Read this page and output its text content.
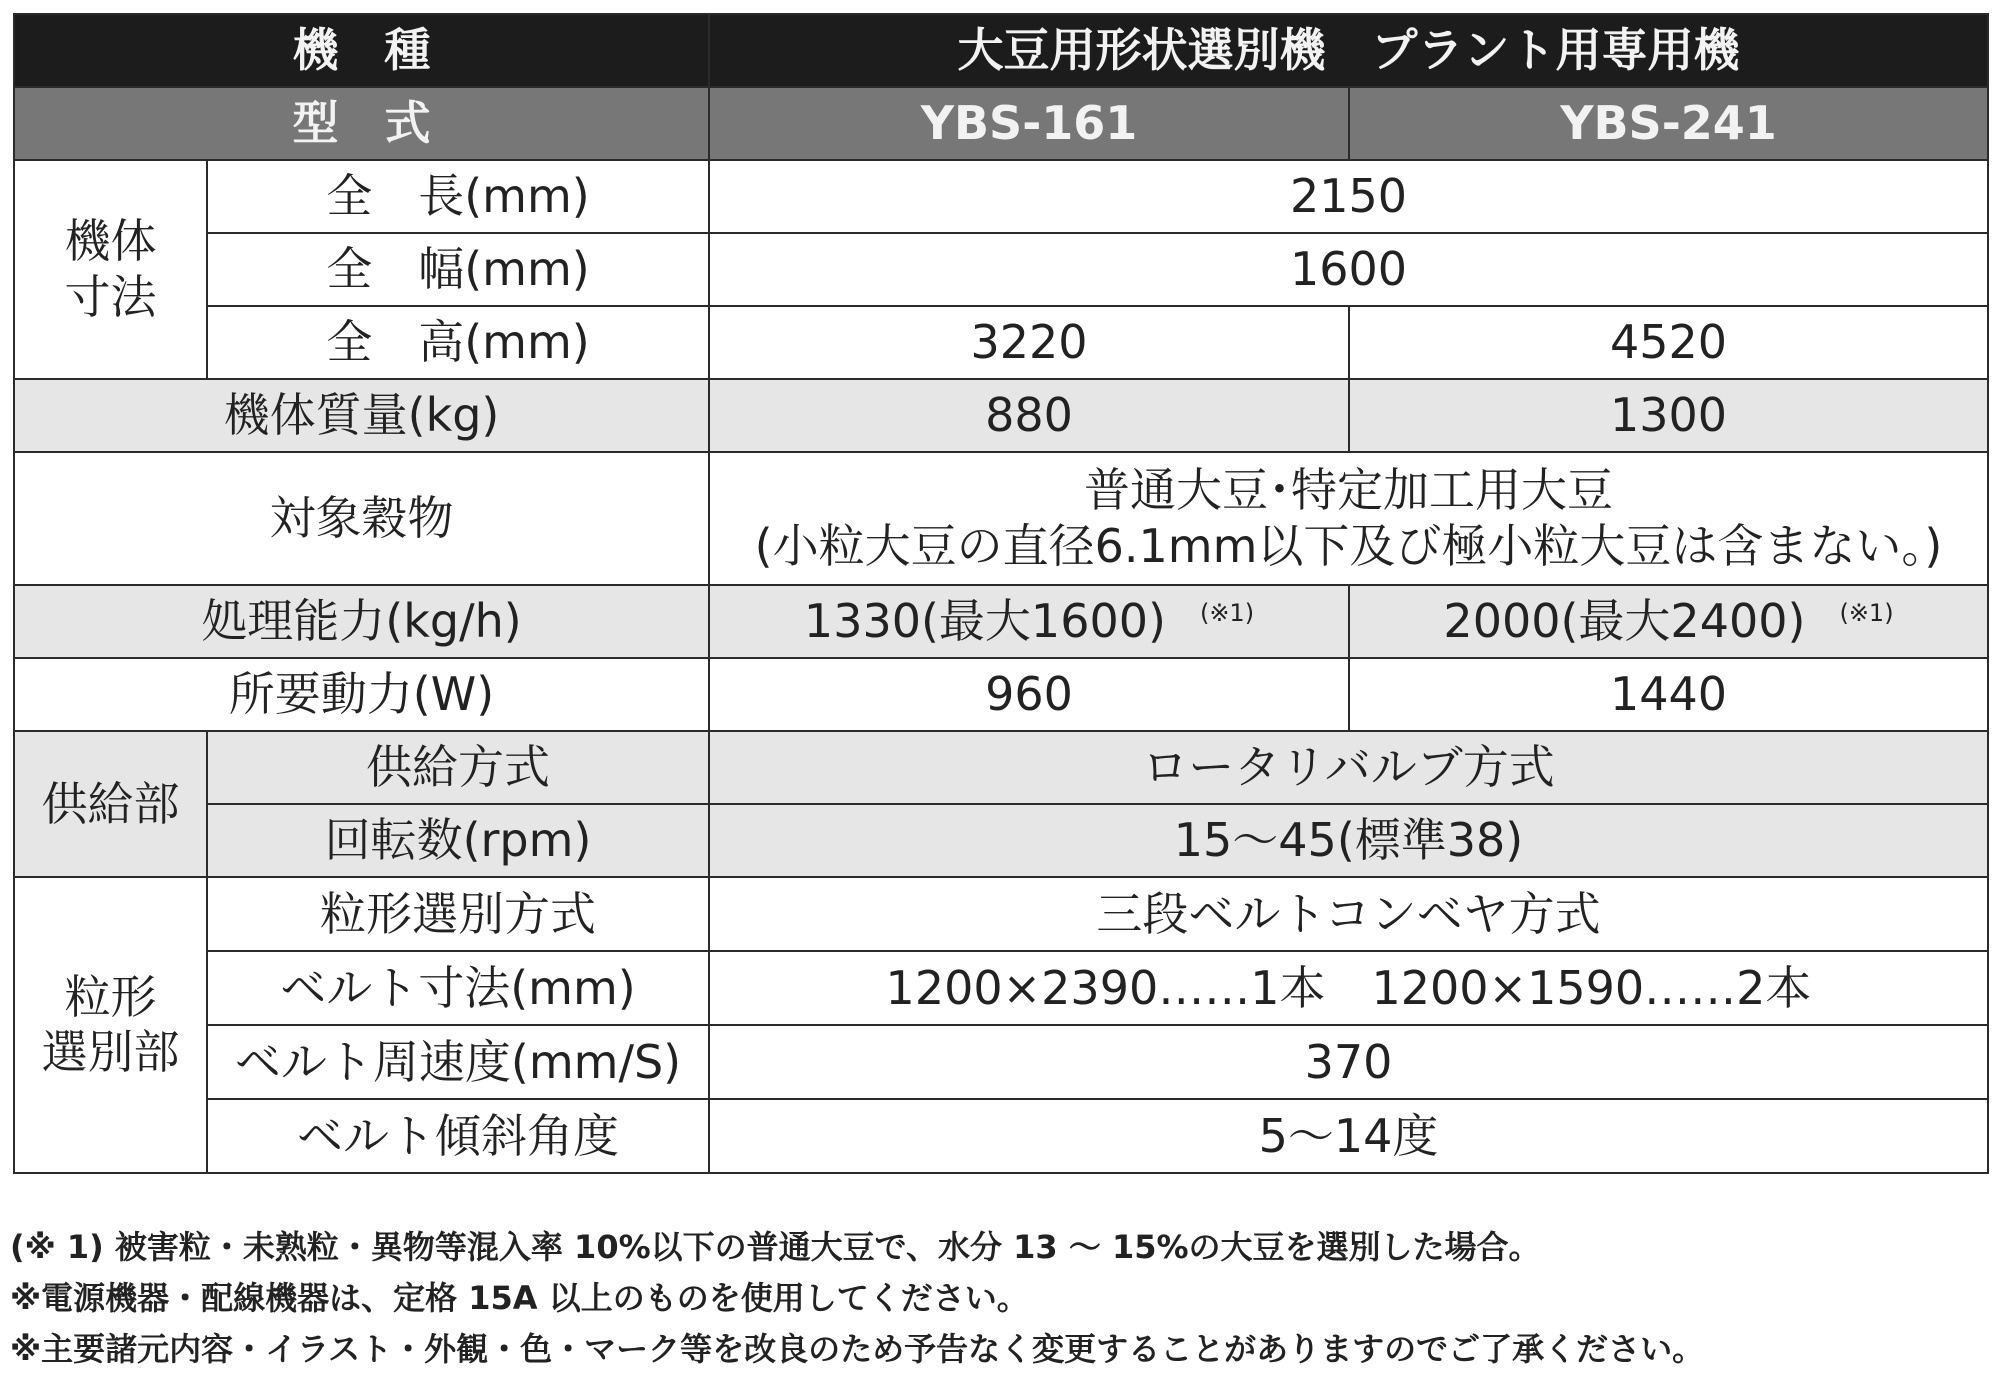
機　種		大豆用形状選別機　プラント用専用機	
型　式		YBS-161	YBS-241
機体
寸法	全　長(mm)	2150	
	全　幅(mm)	1600	
	全　高(mm)	3220	4520
機体質量(kg)		880	1300
対象穀物		普通大豆･特定加工用大豆
(小粒大豆の直径6.1mm以下及び極小粒大豆は含まない。)	
処理能力(kg/h)		1330(最大1600) $^{(※1)}$	2000(最大2400) $^{(※1)}$
所要動力(W)		960	1440
供給部	供給方式	ロータリバルブ方式	
	回転数(rpm)	15〜45(標準38)	
粒形
選別部	粒形選別方式	三段ベルトコンベヤ方式	
	ベルト寸法(mm)	1200×2390……1本　1200×1590……2本	
	ベルト周速度(mm/S)	370	
	ベルト傾斜角度	5〜14度	
(※ 1) 被害粒・未熟粒・異物等混入率 10%以下の普通大豆で、水分 13 〜 15%の大豆を選別した場合。
※電源機器・配線機器は、定格 15A 以上のものを使用してください。
※主要諸元内容・イラスト・外観・色・マーク等を改良のため予告なく変更することがありますのでご了承ください。
